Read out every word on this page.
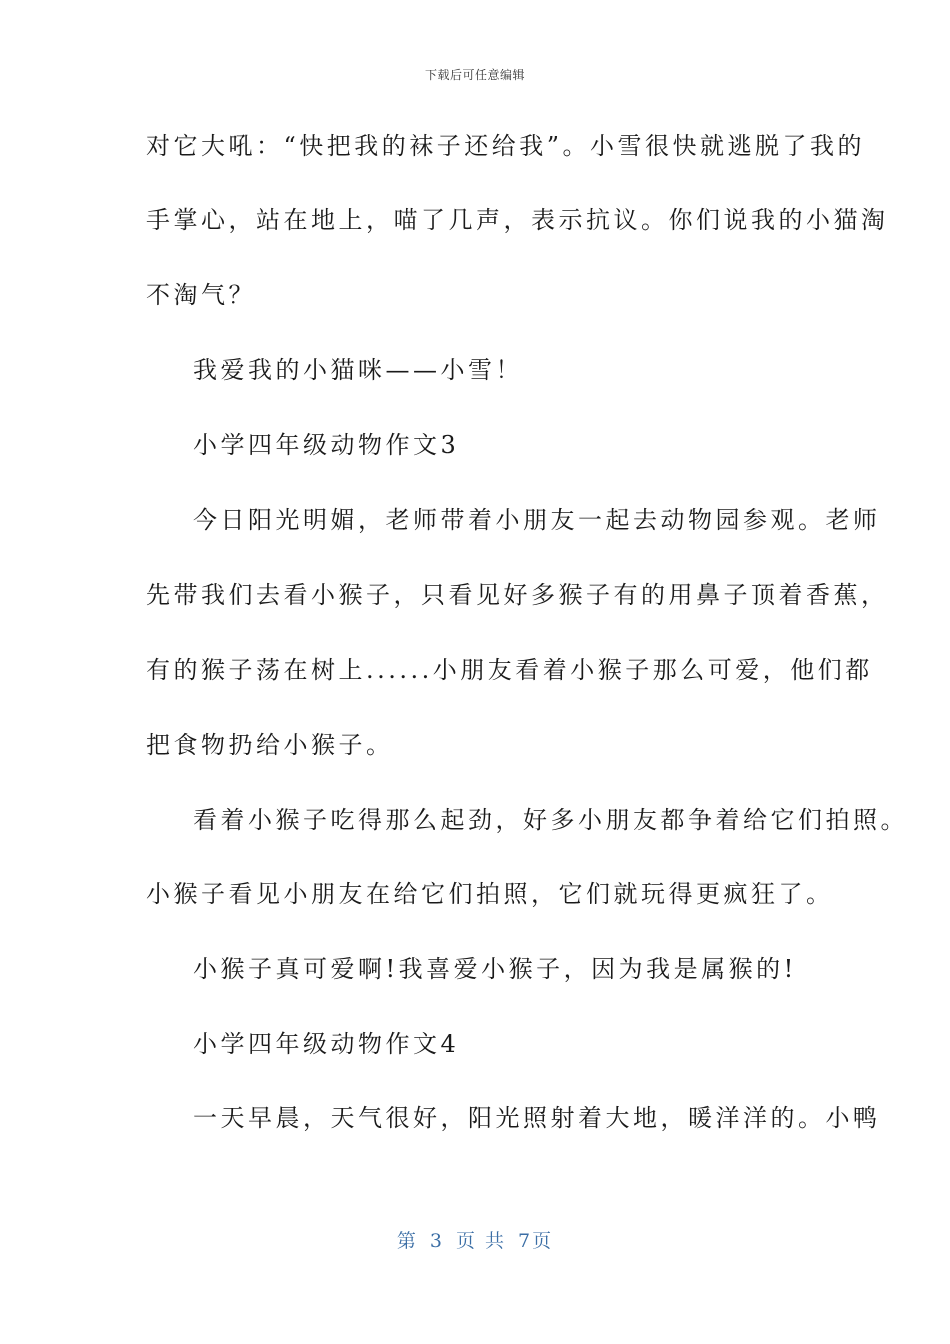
下载后可任意编辑
对它大吼：“快把我的袜子还给我”。小雪很快就逃脱了我的
手掌心，站在地上，喵了几声，表示抗议。你们说我的小猫淘
不淘气？
我爱我的小猫咪——小雪！
小学四年级动物作文3
今日阳光明媚，老师带着小朋友一起去动物园参观。老师
先带我们去看小猴子，只看见好多猴子有的用鼻子顶着香蕉，
有的猴子荡在树上......小朋友看着小猴子那么可爱，他们都
把食物扔给小猴子。
看着小猴子吃得那么起劲，好多小朋友都争着给它们拍照。
小猴子看见小朋友在给它们拍照，它们就玩得更疯狂了。
小猴子真可爱啊!我喜爱小猴子，因为我是属猴的!
小学四年级动物作文4
一天早晨，天气很好，阳光照射着大地，暖洋洋的。小鸭
第 3 页 共 7页
